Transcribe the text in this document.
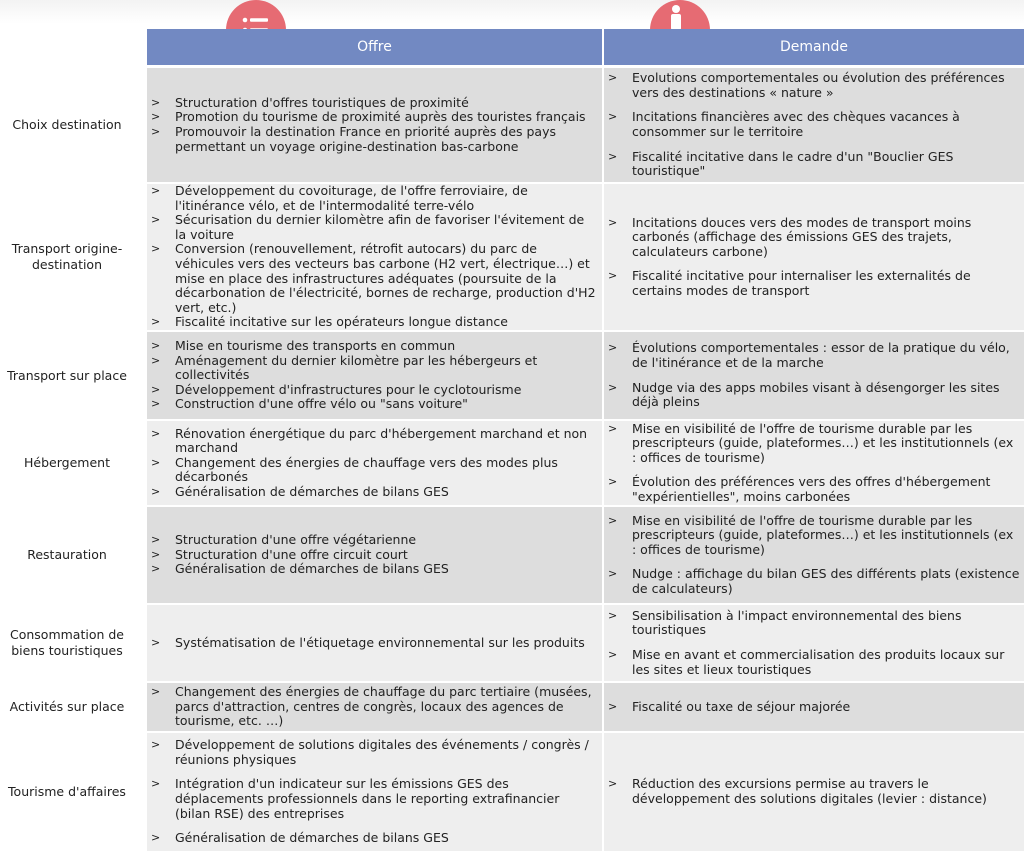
Offre	Demande
Choix destination
> Structuration d'offres touristiques de proximité
> Promotion du tourisme de proximité auprès des touristes français
> Promouvoir la destination France en priorité auprès des pays permettant un voyage origine-destination bas-carbone
> Evolutions comportementales ou évolution des préférences vers des destinations « nature »
> Incitations financières avec des chèques vacances à consommer sur le territoire
> Fiscalité incitative dans le cadre d'un "Bouclier GES touristique"
Transport origine-destination
> Développement du covoiturage, de l'offre ferroviaire, de l'itinérance vélo, et de l'intermodalité terre-vélo
> Sécurisation du dernier kilomètre afin de favoriser l'évitement de la voiture
> Conversion (renouvellement, rétrofit autocars) du parc de véhicules vers des vecteurs bas carbone (H2 vert, électrique…) et mise en place des infrastructures adéquates (poursuite de la décarbonation de l'électricité, bornes de recharge, production d'H2 vert, etc.)
> Fiscalité incitative sur les opérateurs longue distance
> Incitations douces vers des modes de transport moins carbonés (affichage des émissions GES des trajets, calculateurs carbone)
> Fiscalité incitative pour internaliser les externalités de certains modes de transport
Transport sur place
> Mise en tourisme des transports en commun
> Aménagement du dernier kilomètre par les hébergeurs et collectivités
> Développement d'infrastructures pour le cyclotourisme
> Construction d'une offre vélo ou "sans voiture"
> Évolutions comportementales : essor de la pratique du vélo, de l'itinérance et de la marche
> Nudge via des apps mobiles visant à désengorger les sites déjà pleins
Hébergement
> Rénovation énergétique du parc d'hébergement marchand et non marchand
> Changement des énergies de chauffage vers des modes plus décarbonés
> Généralisation de démarches de bilans GES
> Mise en visibilité de l'offre de tourisme durable par les prescripteurs (guide, plateformes…) et les institutionnels (ex : offices de tourisme)
> Évolution des préférences vers des offres d'hébergement "expérientielles", moins carbonées
Restauration
> Structuration d'une offre végétarienne
> Structuration d'une offre circuit court
> Généralisation de démarches de bilans GES
> Mise en visibilité de l'offre de tourisme durable par les prescripteurs (guide, plateformes…) et les institutionnels (ex : offices de tourisme)
> Nudge : affichage du bilan GES des différents plats (existence de calculateurs)
Consommation de biens touristiques
> Systématisation de l'étiquetage environnemental sur les produits
> Sensibilisation à l'impact environnemental des biens touristiques
> Mise en avant et commercialisation des produits locaux sur les sites et lieux touristiques
Activités sur place
> Changement des énergies de chauffage du parc tertiaire (musées, parcs d'attraction, centres de congrès, locaux des agences de tourisme, etc. …)
> Fiscalité ou taxe de séjour majorée
Tourisme d'affaires
> Développement de solutions digitales des événements / congrès / réunions physiques
> Intégration d'un indicateur sur les émissions GES des déplacements professionnels dans le reporting extrafinancier (bilan RSE) des entreprises
> Généralisation de démarches de bilans GES
> Réduction des excursions permise au travers le développement des solutions digitales (levier : distance)
